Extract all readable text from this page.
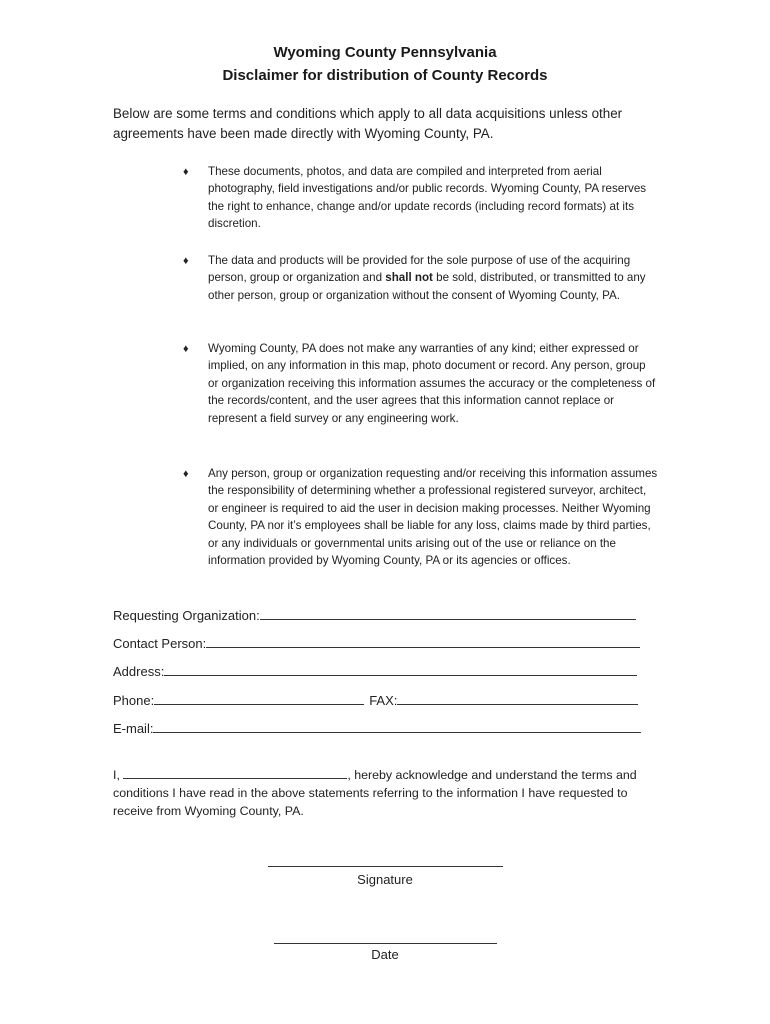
Wyoming County Pennsylvania
Disclaimer for distribution of County Records
Below are some terms and conditions which apply to all data acquisitions unless other agreements have been made directly with Wyoming County, PA.
♦ These documents, photos, and data are compiled and interpreted from aerial photography, field investigations and/or public records. Wyoming County, PA reserves the right to enhance, change and/or update records (including record formats) at its discretion.
♦ The data and products will be provided for the sole purpose of use of the acquiring person, group or organization and shall not be sold, distributed, or transmitted to any other person, group or organization without the consent of Wyoming County, PA.
♦ Wyoming County, PA does not make any warranties of any kind; either expressed or implied, on any information in this map, photo document or record. Any person, group or organization receiving this information assumes the accuracy or the completeness of the records/content, and the user agrees that this information cannot replace or represent a field survey or any engineering work.
♦ Any person, group or organization requesting and/or receiving this information assumes the responsibility of determining whether a professional registered surveyor, architect, or engineer is required to aid the user in decision making processes. Neither Wyoming County, PA nor it’s employees shall be liable for any loss, claims made by third parties, or any individuals or governmental units arising out of the use or reliance on the information provided by Wyoming County, PA or its agencies or offices.
Requesting Organization:
Contact Person:
Address:
Phone:	FAX:
E-mail:
I,	, hereby acknowledge and understand the terms and conditions I have read in the above statements referring to the information I have requested to receive from Wyoming County, PA.
Signature
Date
